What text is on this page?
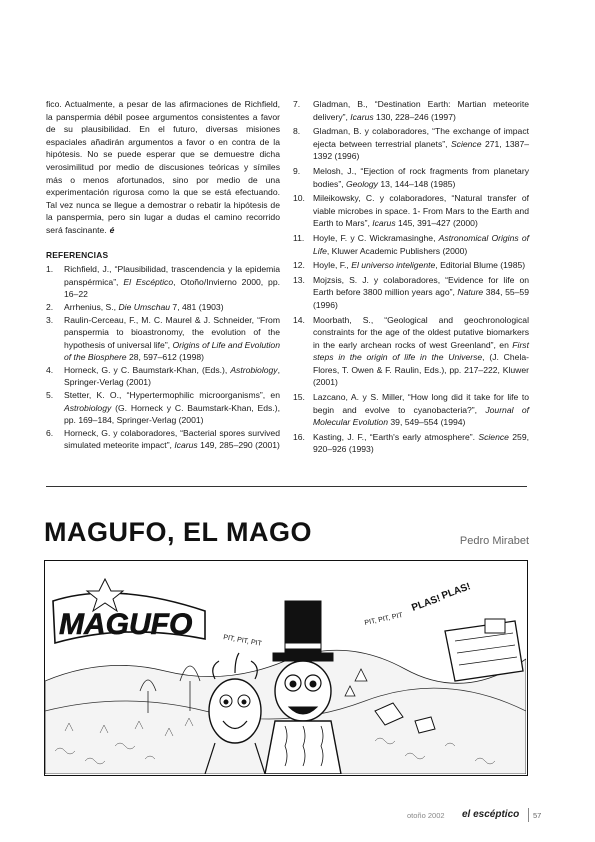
fico. Actualmente, a pesar de las afirmaciones de Richfield, la panspermia débil posee argumentos consistentes a favor de su plausibilidad. En el futuro, diversas misiones espaciales añadirán argumentos a favor o en contra de la hipótesis. No se puede esperar que se demuestre dicha verosimilitud por medio de discusiones teóricas y símiles más o menos afortunados, sino por medio de una experimentación rigurosa como la que se está efectuando. Tal vez nunca se llegue a demostrar o rebatir la hipótesis de la panspermia, pero sin lugar a dudas el camino recorrido será fascinante. é

REFERENCIAS
1.	Richfield, J., “Plausibilidad, trascendencia y la epidemia panspérmica”, El Escéptico, Otoño/Invierno 2000, pp. 16–22
2.	Arrhenius, S., Die Umschau 7, 481 (1903)
3.	Raulin-Cerceau, F., M. C. Maurel & J. Schneider, “From panspermia to bioastronomy, the evolution of the hypothesis of universal life”, Origins of Life and Evolution of the Biosphere 28, 597–612 (1998)
4.	Horneck, G. y C. Baumstark-Khan, (Eds.), Astrobiology, Springer-Verlag (2001)
5.	Stetter, K. O., “Hypertermophilic microorganisms”, en Astrobiology (G. Horneck y C. Baumstark-Khan, Eds.), pp. 169–184, Springer-Verlag (2001)
6.	Horneck, G. y colaboradores, “Bacterial spores survived simulated meteorite impact”, Icarus 149, 285–290 (2001)
7.	Gladman, B., “Destination Earth: Martian meteorite delivery”, Icarus 130, 228–246 (1997)
8.	Gladman, B. y colaboradores, “The exchange of impact ejecta between terrestrial planets”, Science 271, 1387–1392 (1996)
9.	Melosh, J., “Ejection of rock fragments from planetary bodies”, Geology 13, 144–148 (1985)
10. Mileikowsky, C. y colaboradores, “Natural transfer of viable microbes in space. 1- From Mars to the Earth and Earth to Mars”, Icarus 145, 391–427 (2000)
11.	Hoyle, F. y C. Wickramasinghe, Astronomical Origins of Life, Kluwer Academic Publishers (2000)
12. Hoyle, F., El universo inteligente, Editorial Blume (1985)
13. Mojzsis, S. J. y colaboradores, “Evidence for life on Earth before 3800 million years ago”, Nature 384, 55–59 (1996)
14. Moorbath, S., “Geological and geochronological constraints for the age of the oldest putative biomarkers in the early archean rocks of west Greenland”, en First steps in the origin of life in the Universe, (J. Chela-Flores, T. Owen & F. Raulin, Eds.), pp. 217–222, Kluwer (2001)
15. Lazcano, A. y S. Miller, “How long did it take for life to begin and evolve to cyanobacteria?”, Journal of Molecular Evolution 39, 549–554 (1994)
16. Kasting, J. F., “Earth's early atmosphere”. Science 259, 920–926 (1993)
MAGUFO, EL MAGO	Pedro Mirabet
MAGUFO	PIT, PIT, PIT
PIT, PIT, PIT
PLAS!
PLAS!
otoño 2002 el escéptico 57
